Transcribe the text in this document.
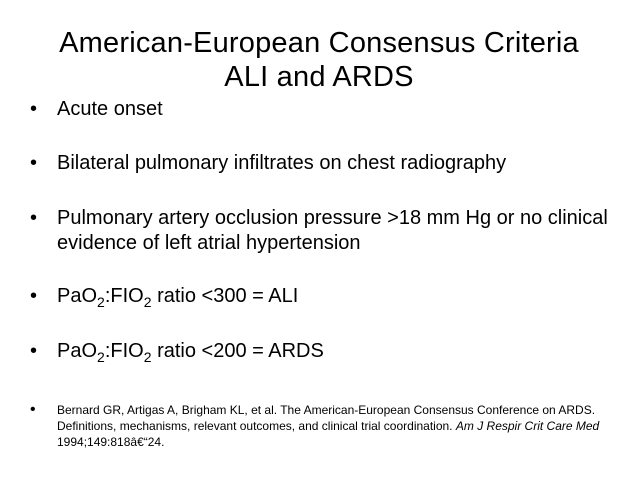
American-European Consensus Criteria
ALI and ARDS
• Acute onset
• Bilateral pulmonary infiltrates on chest radiography
• Pulmonary artery occlusion pressure >18 mm Hg or no clinical evidence of left atrial hypertension
• $PaO_2:FIO_2$ ratio <300 = ALI
• $PaO_2:FIO_2$ ratio <200 = ARDS
• Bernard GR, Artigas A, Brigham KL, et al. The American-European Consensus Conference on ARDS. Definitions, mechanisms, relevant outcomes, and clinical trial coordination. Am J Respir Crit Care Med 1994;149:818â€“24.
